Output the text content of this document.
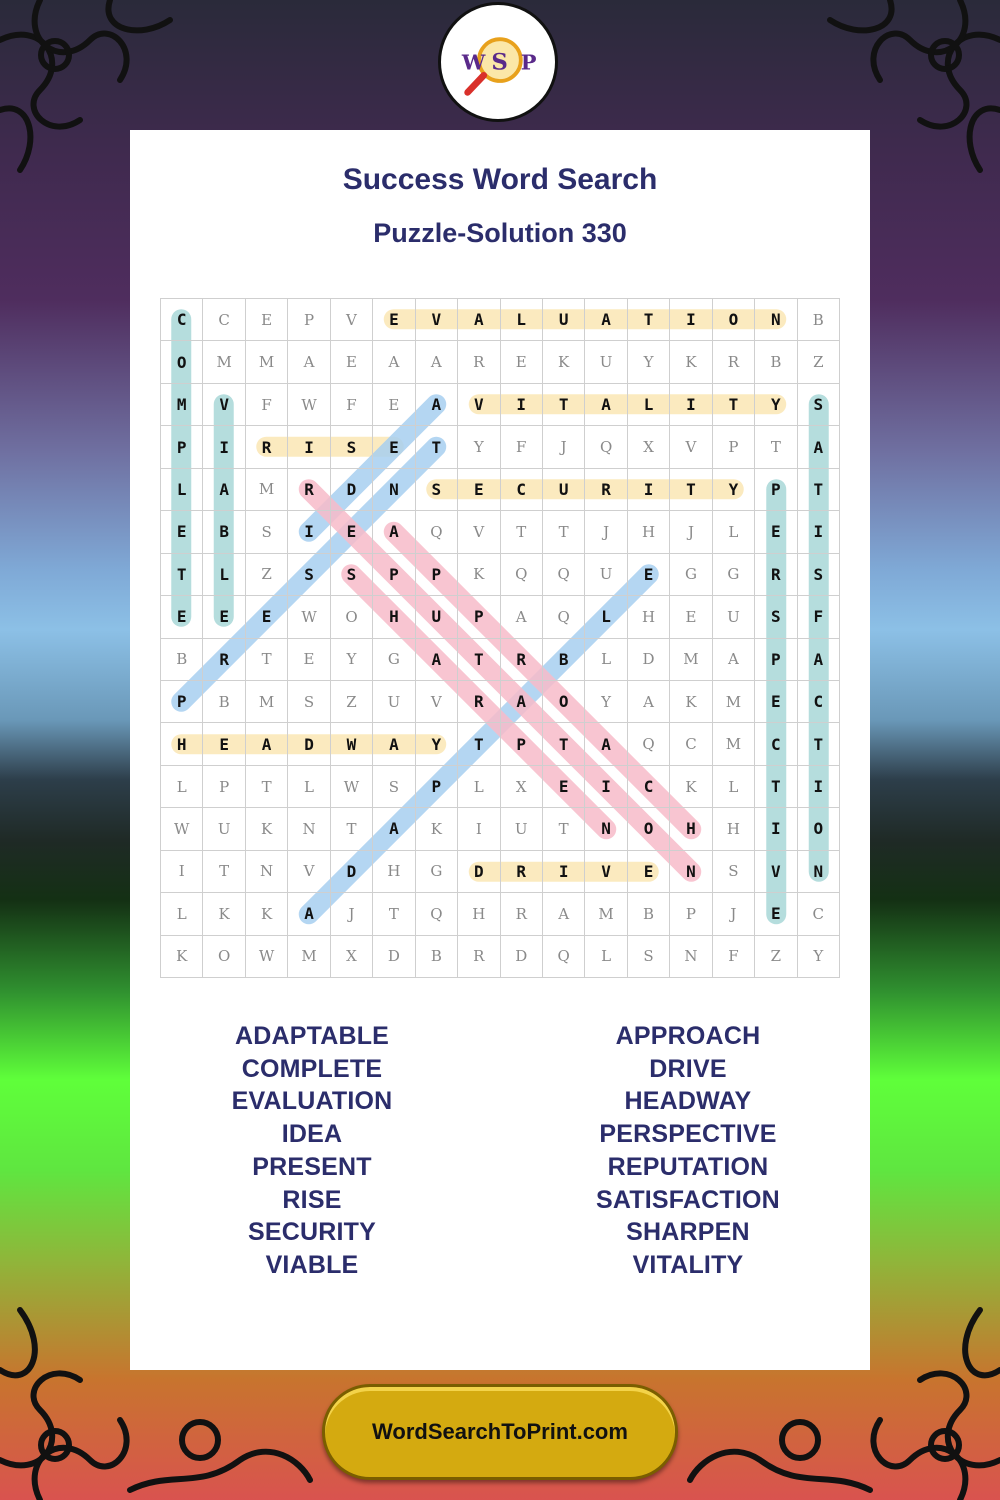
W S P
Success Word Search
Puzzle-Solution 330
C	C	E	P	V	E	V	A	L	U	A	T	I	O	N	B
O	M	M	A	E	A	A	R	E	K	U	Y	K	R	B	Z
M	V	F	W	F	E	A	V	I	T	A	L	I	T	Y	S
P	I	R	I	S	E	T	Y	F	J	Q	X	V	P	T	A
L	A	M	R	D	N	S	E	C	U	R	I	T	Y	P	T
E	B	S	I	E	A	Q	V	T	T	J	H	J	L	E	I
T	L	Z	S	S	P	P	K	Q	Q	U	E	G	G	R	S
E	E	E	W	O	H	U	P	A	Q	L	H	E	U	S	F
B	R	T	E	Y	G	A	T	R	B	L	D	M	A	P	A
P	B	M	S	Z	U	V	R	A	O	Y	A	K	M	E	C
H	E	A	D	W	A	Y	T	P	T	A	Q	C	M	C	T
L	P	T	L	W	S	P	L	X	E	I	C	K	L	T	I
W	U	K	N	T	A	K	I	U	T	N	O	H	H	I	O
I	T	N	V	D	H	G	D	R	I	V	E	N	S	V	N
L	K	K	A	J	T	Q	H	R	A	M	B	P	J	E	C
K	O	W	M	X	D	B	R	D	Q	L	S	N	F	Z	Y
ADAPTABLE
COMPLETE
EVALUATION
IDEA
PRESENT
RISE
SECURITY
VIABLE
APPROACH
DRIVE
HEADWAY
PERSPECTIVE
REPUTATION
SATISFACTION
SHARPEN
VITALITY
WordSearchToPrint.com
